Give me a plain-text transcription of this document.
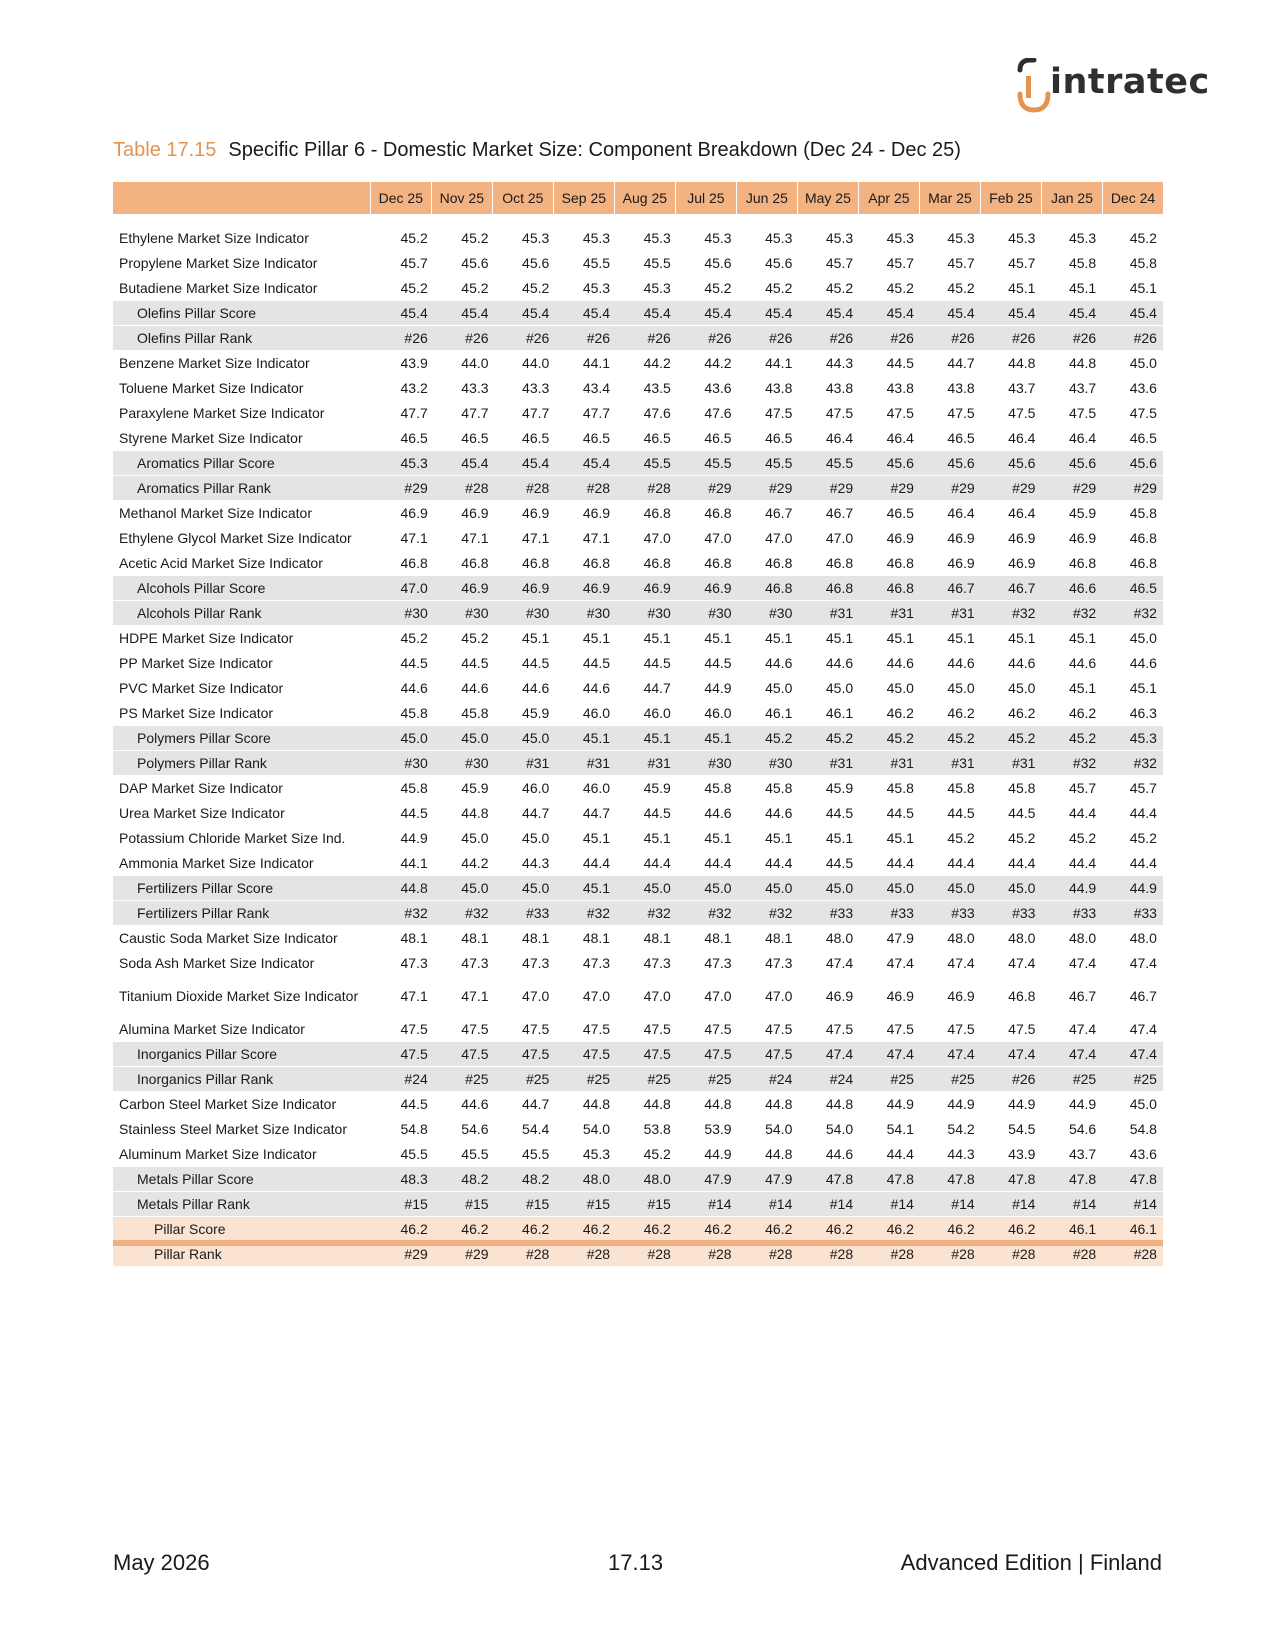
intratec
Table 17.15 Specific Pillar 6 - Domestic Market Size: Component Breakdown (Dec 24 - Dec 25)
Dec 25	Nov 25	Oct 25	Sep 25	Aug 25	Jul 25	Jun 25	May 25	Apr 25	Mar 25	Feb 25	Jan 25	Dec 24
Ethylene Market Size Indicator	45.2	45.2	45.3	45.3	45.3	45.3	45.3	45.3	45.3	45.3	45.3	45.3	45.2
Propylene Market Size Indicator	45.7	45.6	45.6	45.5	45.5	45.6	45.6	45.7	45.7	45.7	45.7	45.8	45.8
Butadiene Market Size Indicator	45.2	45.2	45.2	45.3	45.3	45.2	45.2	45.2	45.2	45.2	45.1	45.1	45.1
Olefins Pillar Score	45.4	45.4	45.4	45.4	45.4	45.4	45.4	45.4	45.4	45.4	45.4	45.4	45.4
Olefins Pillar Rank	#26	#26	#26	#26	#26	#26	#26	#26	#26	#26	#26	#26	#26
Benzene Market Size Indicator	43.9	44.0	44.0	44.1	44.2	44.2	44.1	44.3	44.5	44.7	44.8	44.8	45.0
Toluene Market Size Indicator	43.2	43.3	43.3	43.4	43.5	43.6	43.8	43.8	43.8	43.8	43.7	43.7	43.6
Paraxylene Market Size Indicator	47.7	47.7	47.7	47.7	47.6	47.6	47.5	47.5	47.5	47.5	47.5	47.5	47.5
Styrene Market Size Indicator	46.5	46.5	46.5	46.5	46.5	46.5	46.5	46.4	46.4	46.5	46.4	46.4	46.5
Aromatics Pillar Score	45.3	45.4	45.4	45.4	45.5	45.5	45.5	45.5	45.6	45.6	45.6	45.6	45.6
Aromatics Pillar Rank	#29	#28	#28	#28	#28	#29	#29	#29	#29	#29	#29	#29	#29
Methanol Market Size Indicator	46.9	46.9	46.9	46.9	46.8	46.8	46.7	46.7	46.5	46.4	46.4	45.9	45.8
Ethylene Glycol Market Size Indicator	47.1	47.1	47.1	47.1	47.0	47.0	47.0	47.0	46.9	46.9	46.9	46.9	46.8
Acetic Acid Market Size Indicator	46.8	46.8	46.8	46.8	46.8	46.8	46.8	46.8	46.8	46.9	46.9	46.8	46.8
Alcohols Pillar Score	47.0	46.9	46.9	46.9	46.9	46.9	46.8	46.8	46.8	46.7	46.7	46.6	46.5
Alcohols Pillar Rank	#30	#30	#30	#30	#30	#30	#30	#31	#31	#31	#32	#32	#32
HDPE Market Size Indicator	45.2	45.2	45.1	45.1	45.1	45.1	45.1	45.1	45.1	45.1	45.1	45.1	45.0
PP Market Size Indicator	44.5	44.5	44.5	44.5	44.5	44.5	44.6	44.6	44.6	44.6	44.6	44.6	44.6
PVC Market Size Indicator	44.6	44.6	44.6	44.6	44.7	44.9	45.0	45.0	45.0	45.0	45.0	45.1	45.1
PS Market Size Indicator	45.8	45.8	45.9	46.0	46.0	46.0	46.1	46.1	46.2	46.2	46.2	46.2	46.3
Polymers Pillar Score	45.0	45.0	45.0	45.1	45.1	45.1	45.2	45.2	45.2	45.2	45.2	45.2	45.3
Polymers Pillar Rank	#30	#30	#31	#31	#31	#30	#30	#31	#31	#31	#31	#32	#32
DAP Market Size Indicator	45.8	45.9	46.0	46.0	45.9	45.8	45.8	45.9	45.8	45.8	45.8	45.7	45.7
Urea Market Size Indicator	44.5	44.8	44.7	44.7	44.5	44.6	44.6	44.5	44.5	44.5	44.5	44.4	44.4
Potassium Chloride Market Size Ind.	44.9	45.0	45.0	45.1	45.1	45.1	45.1	45.1	45.1	45.2	45.2	45.2	45.2
Ammonia Market Size Indicator	44.1	44.2	44.3	44.4	44.4	44.4	44.4	44.5	44.4	44.4	44.4	44.4	44.4
Fertilizers Pillar Score	44.8	45.0	45.0	45.1	45.0	45.0	45.0	45.0	45.0	45.0	45.0	44.9	44.9
Fertilizers Pillar Rank	#32	#32	#33	#32	#32	#32	#32	#33	#33	#33	#33	#33	#33
Caustic Soda Market Size Indicator	48.1	48.1	48.1	48.1	48.1	48.1	48.1	48.0	47.9	48.0	48.0	48.0	48.0
Soda Ash Market Size Indicator	47.3	47.3	47.3	47.3	47.3	47.3	47.3	47.4	47.4	47.4	47.4	47.4	47.4
Titanium Dioxide Market Size Indicator	47.1	47.1	47.0	47.0	47.0	47.0	47.0	46.9	46.9	46.9	46.8	46.7	46.7
Alumina Market Size Indicator	47.5	47.5	47.5	47.5	47.5	47.5	47.5	47.5	47.5	47.5	47.5	47.4	47.4
Inorganics Pillar Score	47.5	47.5	47.5	47.5	47.5	47.5	47.5	47.4	47.4	47.4	47.4	47.4	47.4
Inorganics Pillar Rank	#24	#25	#25	#25	#25	#25	#24	#24	#25	#25	#26	#25	#25
Carbon Steel Market Size Indicator	44.5	44.6	44.7	44.8	44.8	44.8	44.8	44.8	44.9	44.9	44.9	44.9	45.0
Stainless Steel Market Size Indicator	54.8	54.6	54.4	54.0	53.8	53.9	54.0	54.0	54.1	54.2	54.5	54.6	54.8
Aluminum Market Size Indicator	45.5	45.5	45.5	45.3	45.2	44.9	44.8	44.6	44.4	44.3	43.9	43.7	43.6
Metals Pillar Score	48.3	48.2	48.2	48.0	48.0	47.9	47.9	47.8	47.8	47.8	47.8	47.8	47.8
Metals Pillar Rank	#15	#15	#15	#15	#15	#14	#14	#14	#14	#14	#14	#14	#14
Pillar Score	46.2	46.2	46.2	46.2	46.2	46.2	46.2	46.2	46.2	46.2	46.2	46.1	46.1
Pillar Rank	#29	#29	#28	#28	#28	#28	#28	#28	#28	#28	#28	#28	#28
May 2026	17.13	Advanced Edition | Finland
